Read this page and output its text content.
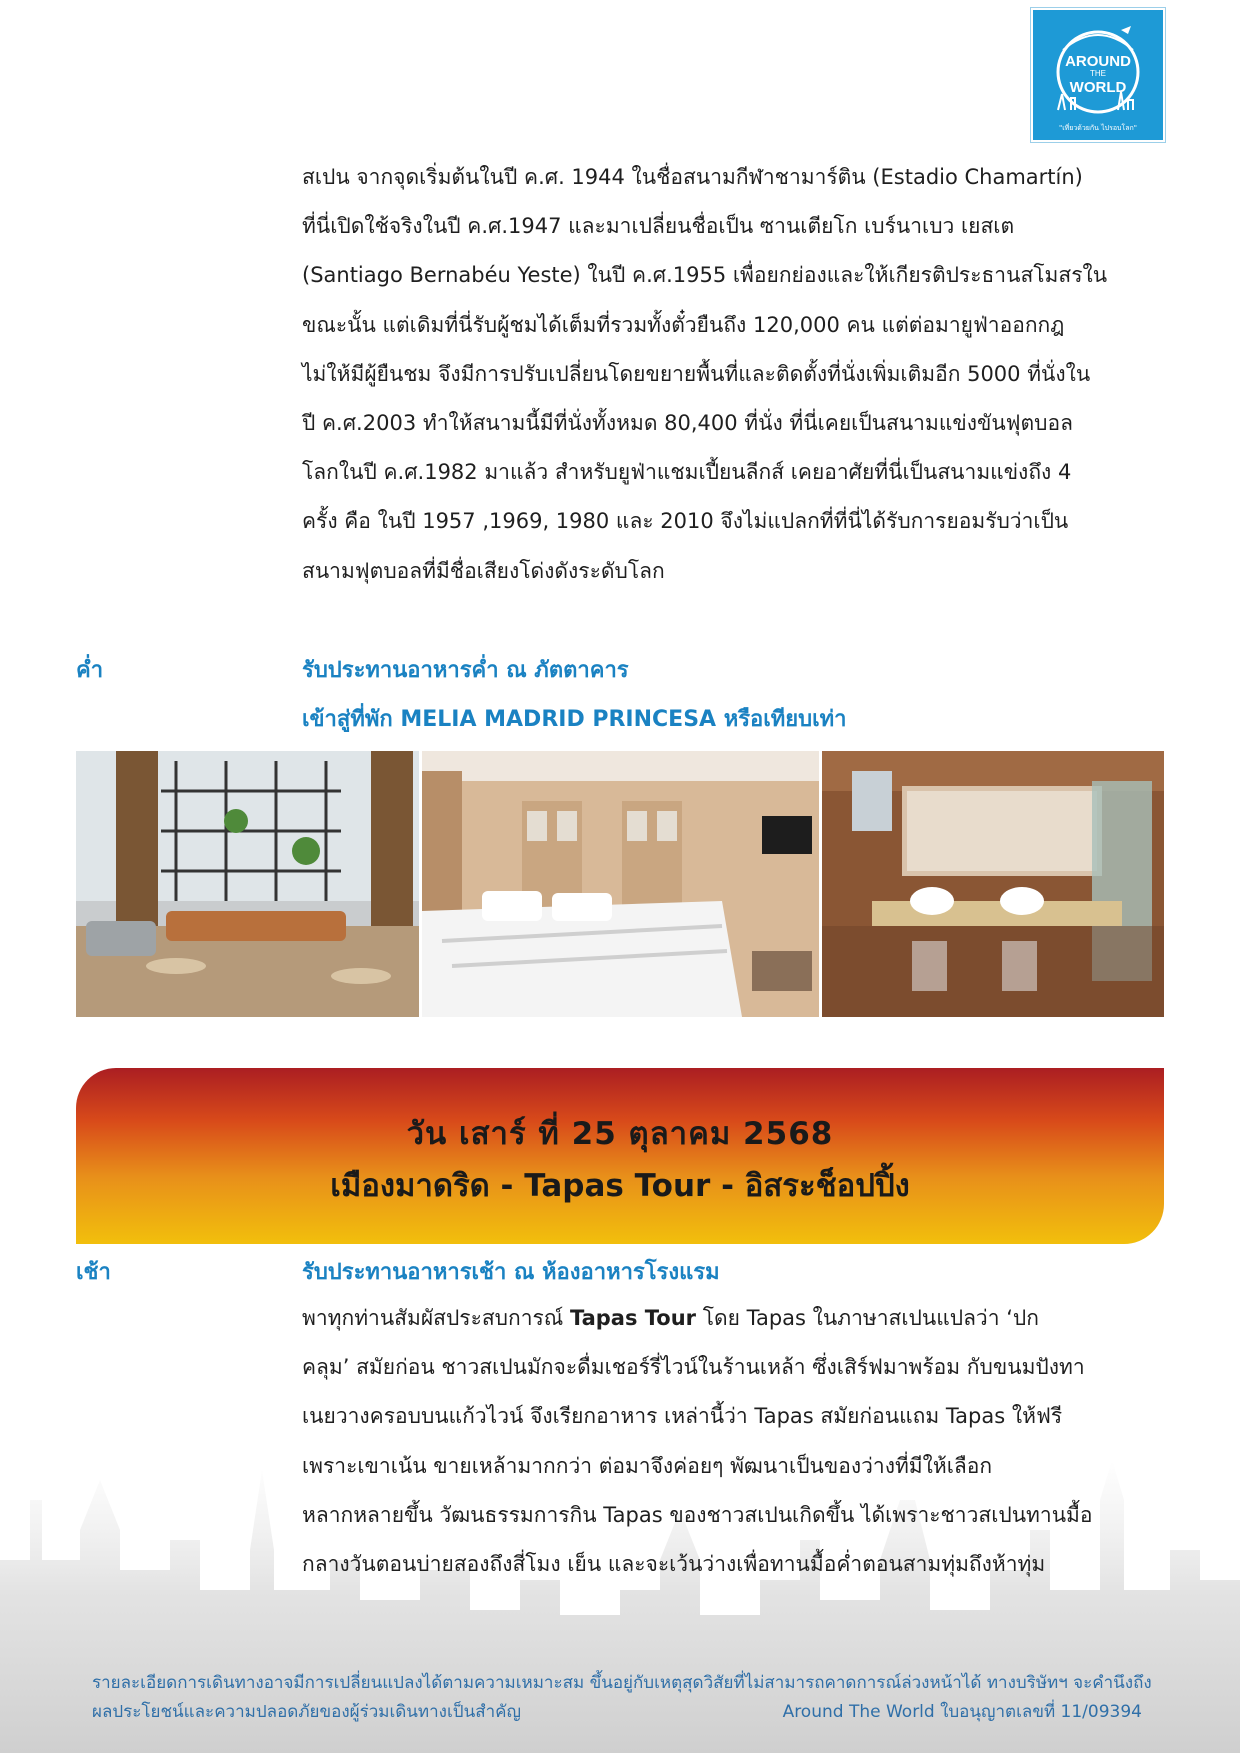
AROUND
THE
WORLD
"เที่ยวด้วยกัน ไปรอบโลก"

สเปน จากจุดเริ่มต้นในปี ค.ศ. 1944 ในชื่อสนามกีฬาชามาร์ติน (Estadio Chamartín)
ที่นี่เปิดใช้จริงในปี ค.ศ.1947 และมาเปลี่ยนชื่อเป็น ซานเตียโก เบร์นาเบว เยสเต
(Santiago Bernabéu Yeste) ในปี ค.ศ.1955 เพื่อยกย่องและให้เกียรติประธานสโมสรใน
ขณะนั้น แต่เดิมที่นี่รับผู้ชมได้เต็มที่รวมทั้งตั๋วยืนถึง 120,000 คน แต่ต่อมายูฟ่าออกกฎ
ไม่ให้มีผู้ยืนชม จึงมีการปรับเปลี่ยนโดยขยายพื้นที่และติดตั้งที่นั่งเพิ่มเติมอีก 5000 ที่นั่งใน
ปี ค.ศ.2003 ทำให้สนามนี้มีที่นั่งทั้งหมด 80,400 ที่นั่ง ที่นี่เคยเป็นสนามแข่งขันฟุตบอล
โลกในปี ค.ศ.1982 มาแล้ว สำหรับยูฟ่าแชมเปี้ยนลีกส์ เคยอาศัยที่นี่เป็นสนามแข่งถึง 4
ครั้ง คือ ในปี 1957 ,1969, 1980 และ 2010 จึงไม่แปลกที่ที่นี่ได้รับการยอมรับว่าเป็น
สนามฟุตบอลที่มีชื่อเสียงโด่งดังระดับโลก

ค่ำ	รับประทานอาหารค่ำ ณ ภัตตาคาร
เข้าสู่ที่พัก MELIA MADRID PRINCESA หรือเทียบเท่า
วัน เสาร์ ที่ 25 ตุลาคม 2568
เมืองมาดริด - Tapas Tour - อิสระช็อปปิ้ง
เช้า	รับประทานอาหารเช้า ณ ห้องอาหารโรงแรม

พาทุกท่านสัมผัสประสบการณ์ Tapas Tour โดย Tapas ในภาษาสเปนแปลว่า ‘ปก
คลุม’ สมัยก่อน ชาวสเปนมักจะดื่มเชอร์รี่ไวน์ในร้านเหล้า ซึ่งเสิร์ฟมาพร้อม กับขนมปังทา
เนยวางครอบบนแก้วไวน์ จึงเรียกอาหาร เหล่านี้ว่า Tapas สมัยก่อนแถม Tapas ให้ฟรี
เพราะเขาเน้น ขายเหล้ามากกว่า ต่อมาจึงค่อยๆ พัฒนาเป็นของว่างที่มีให้เลือก
หลากหลายขึ้น วัฒนธรรมการกิน Tapas ของชาวสเปนเกิดขึ้น ได้เพราะชาวสเปนทานมื้อ
กลางวันตอนบ่ายสองถึงสี่โมง เย็น และจะเว้นว่างเพื่อทานมื้อค่ำตอนสามทุ่มถึงห้าทุ่ม

รายละเอียดการเดินทางอาจมีการเปลี่ยนแปลงได้ตามความเหมาะสม ขึ้นอยู่กับเหตุสุดวิสัยที่ไม่สามารถคาดการณ์ล่วงหน้าได้ ทางบริษัทฯ จะคำนึงถึง
ผลประโยชน์และความปลอดภัยของผู้ร่วมเดินทางเป็นสำคัญ	Around The World ใบอนุญาตเลขที่ 11/09394
